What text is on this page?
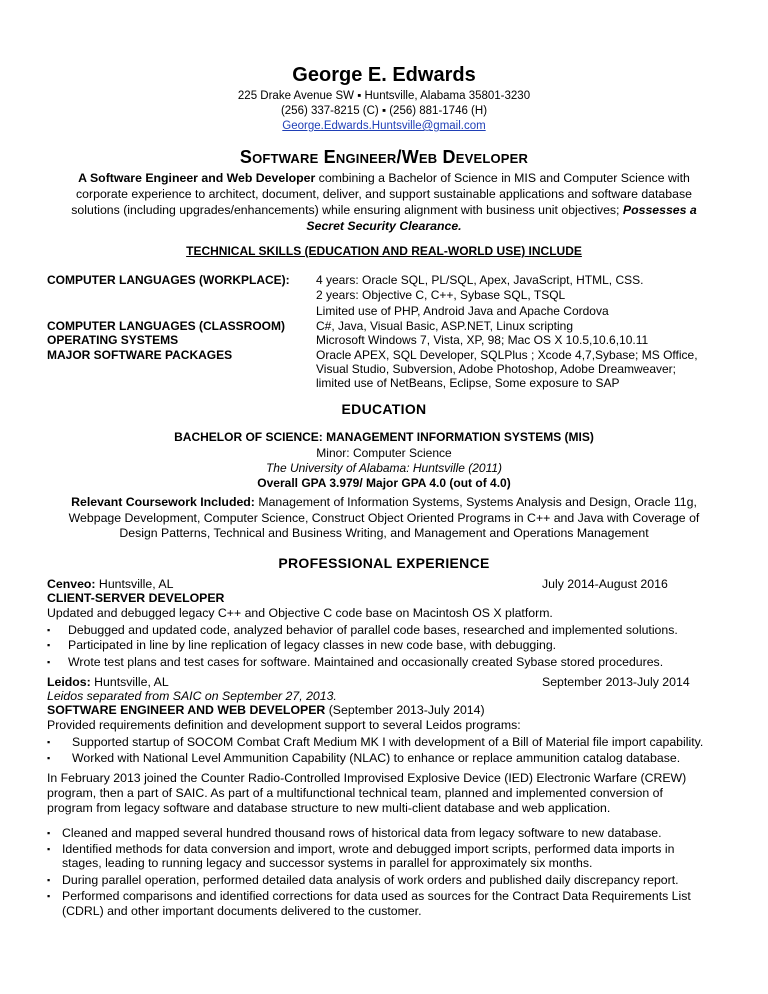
George E. Edwards
225 Drake Avenue SW ▪ Huntsville, Alabama 35801-3230
(256) 337-8215 (C) ▪ (256) 881-1746 (H)
George.Edwards.Huntsville@gmail.com
Software Engineer/Web Developer
A Software Engineer and Web Developer combining a Bachelor of Science in MIS and Computer Science with
corporate experience to architect, document, deliver, and support sustainable applications and software database
solutions (including upgrades/enhancements) while ensuring alignment with business unit objectives; Possesses a
Secret Security Clearance.
TECHNICAL SKILLS (EDUCATION AND REAL-WORLD USE) INCLUDE
COMPUTER LANGUAGES (WORKPLACE):
COMPUTER LANGUAGES (CLASSROOM)
OPERATING SYSTEMS
MAJOR SOFTWARE PACKAGES
4 years: Oracle SQL, PL/SQL, Apex, JavaScript, HTML, CSS.
2 years: Objective C, C++, Sybase SQL, TSQL
Limited use of PHP, Android Java and Apache Cordova
C#, Java, Visual Basic, ASP.NET, Linux scripting
Microsoft Windows 7, Vista, XP, 98; Mac OS X 10.5,10.6,10.11
Oracle APEX, SQL Developer, SQLPlus ; Xcode 4,7,Sybase; MS Office,
Visual Studio, Subversion, Adobe Photoshop, Adobe Dreamweaver;
limited use of NetBeans, Eclipse, Some exposure to SAP
EDUCATION
BACHELOR OF SCIENCE: MANAGEMENT INFORMATION SYSTEMS (MIS)
Minor: Computer Science
The University of Alabama: Huntsville (2011)
Overall GPA 3.979/ Major GPA 4.0 (out of 4.0)
Relevant Coursework Included: Management of Information Systems, Systems Analysis and Design, Oracle 11g,
Webpage Development, Computer Science, Construct Object Oriented Programs in C++ and Java with Coverage of
Design Patterns, Technical and Business Writing, and Management and Operations Management
PROFESSIONAL EXPERIENCE
Cenveo: Huntsville, AL	July 2014-August 2016
CLIENT-SERVER DEVELOPER
Updated and debugged legacy C++ and Objective C code base on Macintosh OS X platform.
▪ Debugged and updated code, analyzed behavior of parallel code bases, researched and implemented solutions.
▪ Participated in line by line replication of legacy classes in new code base, with debugging.
▪ Wrote test plans and test cases for software. Maintained and occasionally created Sybase stored procedures.
Leidos: Huntsville, AL	September 2013-July 2014
Leidos separated from SAIC on September 27, 2013.
SOFTWARE ENGINEER AND WEB DEVELOPER (September 2013-July 2014)
Provided requirements definition and development support to several Leidos programs:
▪ Supported startup of SOCOM Combat Craft Medium MK I with development of a Bill of Material file import capability.
▪ Worked with National Level Ammunition Capability (NLAC) to enhance or replace ammunition catalog database.
In February 2013 joined the Counter Radio-Controlled Improvised Explosive Device (IED) Electronic Warfare (CREW)
program, then a part of SAIC. As part of a multifunctional technical team, planned and implemented conversion of
program from legacy software and database structure to new multi-client database and web application.
▪ Cleaned and mapped several hundred thousand rows of historical data from legacy software to new database.
▪ Identified methods for data conversion and import, wrote and debugged import scripts, performed data imports in
stages, leading to running legacy and successor systems in parallel for approximately six months.
▪ During parallel operation, performed detailed data analysis of work orders and published daily discrepancy report.
▪ Performed comparisons and identified corrections for data used as sources for the Contract Data Requirements List
(CDRL) and other important documents delivered to the customer.
